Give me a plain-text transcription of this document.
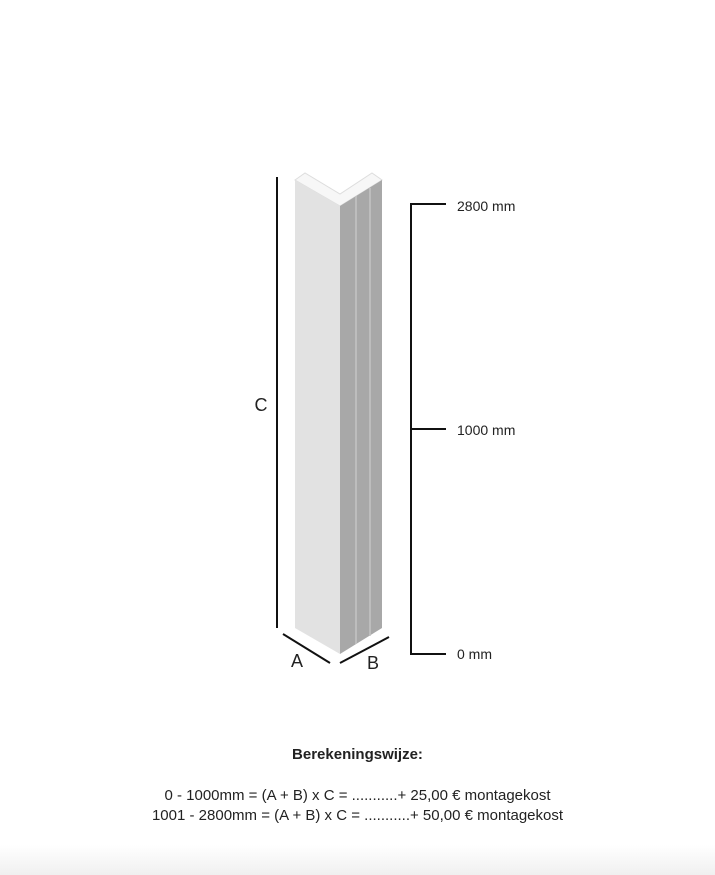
C
A	B
2800 mm
1000 mm
0 mm
Berekeningswijze:
0 - 1000mm = (A + B) x C = ...........+ 25,00 € montagekost
1001 - 2800mm = (A + B) x C = ...........+ 50,00 € montagekost
